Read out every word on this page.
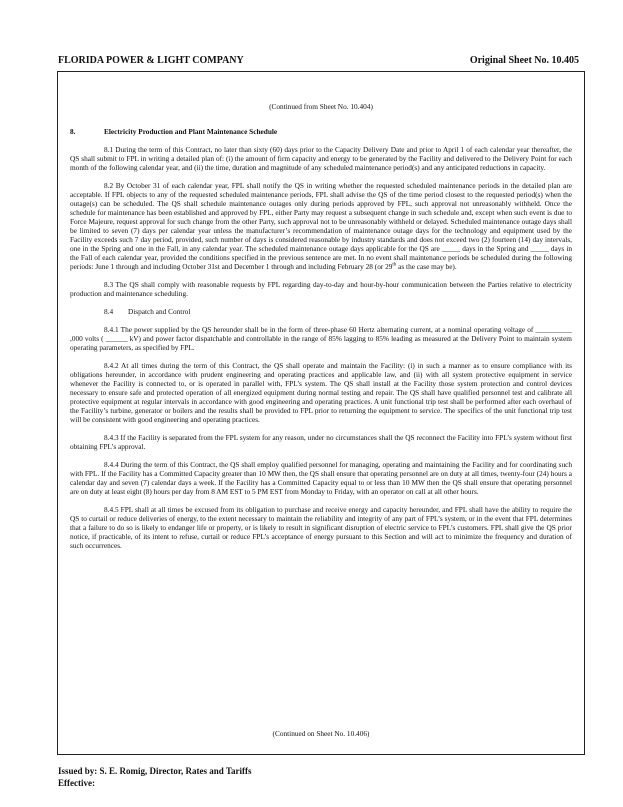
FLORIDA POWER & LIGHT COMPANY	Original Sheet No. 10.405
(Continued from Sheet No. 10.404)
8.	Electricity Production and Plant Maintenance Schedule

8.1 During the term of this Contract, no later than sixty (60) days prior to the Capacity Delivery Date and prior to April 1 of each calendar year thereafter, the QS shall submit to FPL in writing a detailed plan of: (i) the amount of firm capacity and energy to be generated by the Facility and delivered to the Delivery Point for each month of the following calendar year, and (ii) the time, duration and magnitude of any scheduled maintenance period(s) and any anticipated reductions in capacity.

8.2 By October 31 of each calendar year, FPL shall notify the QS in writing whether the requested scheduled maintenance periods in the detailed plan are acceptable. If FPL objects to any of the requested scheduled maintenance periods, FPL shall advise the QS of the time period closest to the requested period(s) when the outage(s) can be scheduled. The QS shall schedule maintenance outages only during periods approved by FPL, such approval not unreasonably withheld. Once the schedule for maintenance has been established and approved by FPL, either Party may request a subsequent change in such schedule and, except when such event is due to Force Majeure, request approval for such change from the other Party, such approval not to be unreasonably withheld or delayed. Scheduled maintenance outage days shall be limited to seven (7) days per calendar year unless the manufacturer’s recommendation of maintenance outage days for the technology and equipment used by the Facility exceeds such 7 day period, provided, such number of days is considered reasonable by industry standards and does not exceed two (2) fourteen (14) day intervals, one in the Spring and one in the Fall, in any calendar year. The scheduled maintenance outage days applicable for the QS are _____ days in the Spring and _____ days in the Fall of each calendar year, provided the conditions specified in the previous sentence are met. In no event shall maintenance periods be scheduled during the following periods: June 1 through and including October 31st and December 1 through and including February 28 (or 29th as the case may be).

8.3 The QS shall comply with reasonable requests by FPL regarding day-to-day and hour-by-hour communication between the Parties relative to electricity production and maintenance scheduling.

8.4 Dispatch and Control

8.4.1 The power supplied by the QS hereunder shall be in the form of three-phase 60 Hertz alternating current, at a nominal operating voltage of __________ ,000 volts ( ______ kV) and power factor dispatchable and controllable in the range of 85% lagging to 85% leading as measured at the Delivery Point to maintain system operating parameters, as specified by FPL.

8.4.2 At all times during the term of this Contract, the QS shall operate and maintain the Facility: (i) in such a manner as to ensure compliance with its obligations hereunder, in accordance with prudent engineering and operating practices and applicable law, and (ii) with all system protective equipment in service whenever the Facility is connected to, or is operated in parallel with, FPL’s system. The QS shall install at the Facility those system protection and control devices necessary to ensure safe and protected operation of all energized equipment during normal testing and repair. The QS shall have qualified personnel test and calibrate all protective equipment at regular intervals in accordance with good engineering and operating practices. A unit functional trip test shall be performed after each overhaul of the Facility’s turbine, generator or boilers and the results shall be provided to FPL prior to returning the equipment to service. The specifics of the unit functional trip test will be consistent with good engineering and operating practices.

8.4.3 If the Facility is separated from the FPL system for any reason, under no circumstances shall the QS reconnect the Facility into FPL’s system without first obtaining FPL’s approval.

8.4.4 During the term of this Contract, the QS shall employ qualified personnel for managing, operating and maintaining the Facility and for coordinating such with FPL. If the Facility has a Committed Capacity greater than 10 MW then, the QS shall ensure that operating personnel are on duty at all times, twenty-four (24) hours a calendar day and seven (7) calendar days a week. If the Facility has a Committed Capacity equal to or less than 10 MW then the QS shall ensure that operating personnel are on duty at least eight (8) hours per day from 8 AM EST to 5 PM EST from Monday to Friday, with an operator on call at all other hours.

8.4.5 FPL shall at all times be excused from its obligation to purchase and receive energy and capacity hereunder, and FPL shall have the ability to require the QS to curtail or reduce deliveries of energy, to the extent necessary to maintain the reliability and integrity of any part of FPL’s system, or in the event that FPL determines that a failure to do so is likely to endanger life or property, or is likely to result in significant disruption of electric service to FPL’s customers. FPL shall give the QS prior notice, if practicable, of its intent to refuse, curtail or reduce FPL’s acceptance of energy pursuant to this Section and will act to minimize the frequency and duration of such occurrences.

(Continued on Sheet No. 10.406)
Issued by: S. E. Romig, Director, Rates and Tariffs
Effective:
